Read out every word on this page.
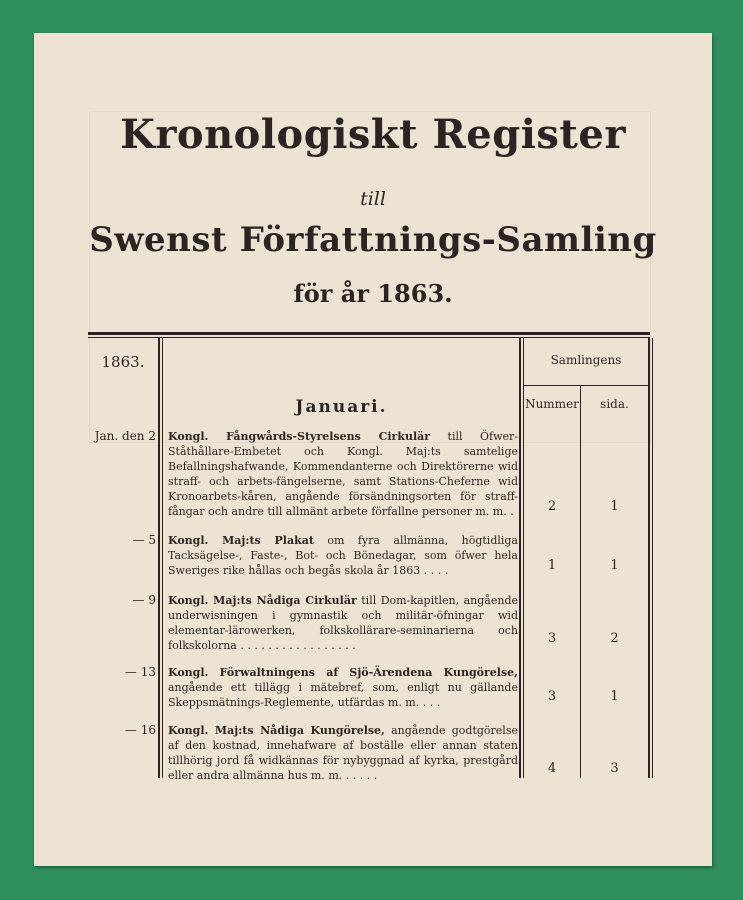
Kronologiskt Register
till
Swenst Författnings-Samling
för år 1863.
1863.	Samlingens
Nummer	sida.
Januari.
Jan. den 2 Kongl. Fångwårds-Styrelsens Cirkulär till Öfwer-Ståthållare-Embetet och Kongl. Maj:ts samtelige Befallningshafwande, Kommendanterne och Direktörerne wid straff- och arbets-fängelserne, samt Stations-Cheferne wid Kronoarbets-kåren, angående försändningsorten för straff-fångar och andre till allmänt arbete förfallne personer m. m. .	2	1
— 5 Kongl. Maj:ts Plakat om fyra allmänna, högtidliga Tacksägelse-, Faste-, Bot- och Bönedagar, som öfwer hela Sweriges rike hållas och begås skola år 1863 . . . .	1	1
— 9 Kongl. Maj:ts Nådiga Cirkulär till Dom-kapitlen, angående underwisningen i gymnastik och militär-öfningar wid elementar-lärowerken, folkskollärare-seminarierna och folkskolorna . . . . . . . . . . . . . . . . .	3	2
— 13 Kongl. Förwaltningens af Sjö-Ärendena Kungörelse, angående ett tillägg i mätebref, som, enligt nu gällande Skeppsmätnings-Reglemente, utfärdas m. m. . . .	3	1
— 16 Kongl. Maj:ts Nådiga Kungörelse, angående godtgörelse af den kostnad, innehafware af boställe eller annan staten tillhörig jord få widkännas för nybyggnad af kyrka, prestgård eller andra allmänna hus m. m. . . . . .	4	3
